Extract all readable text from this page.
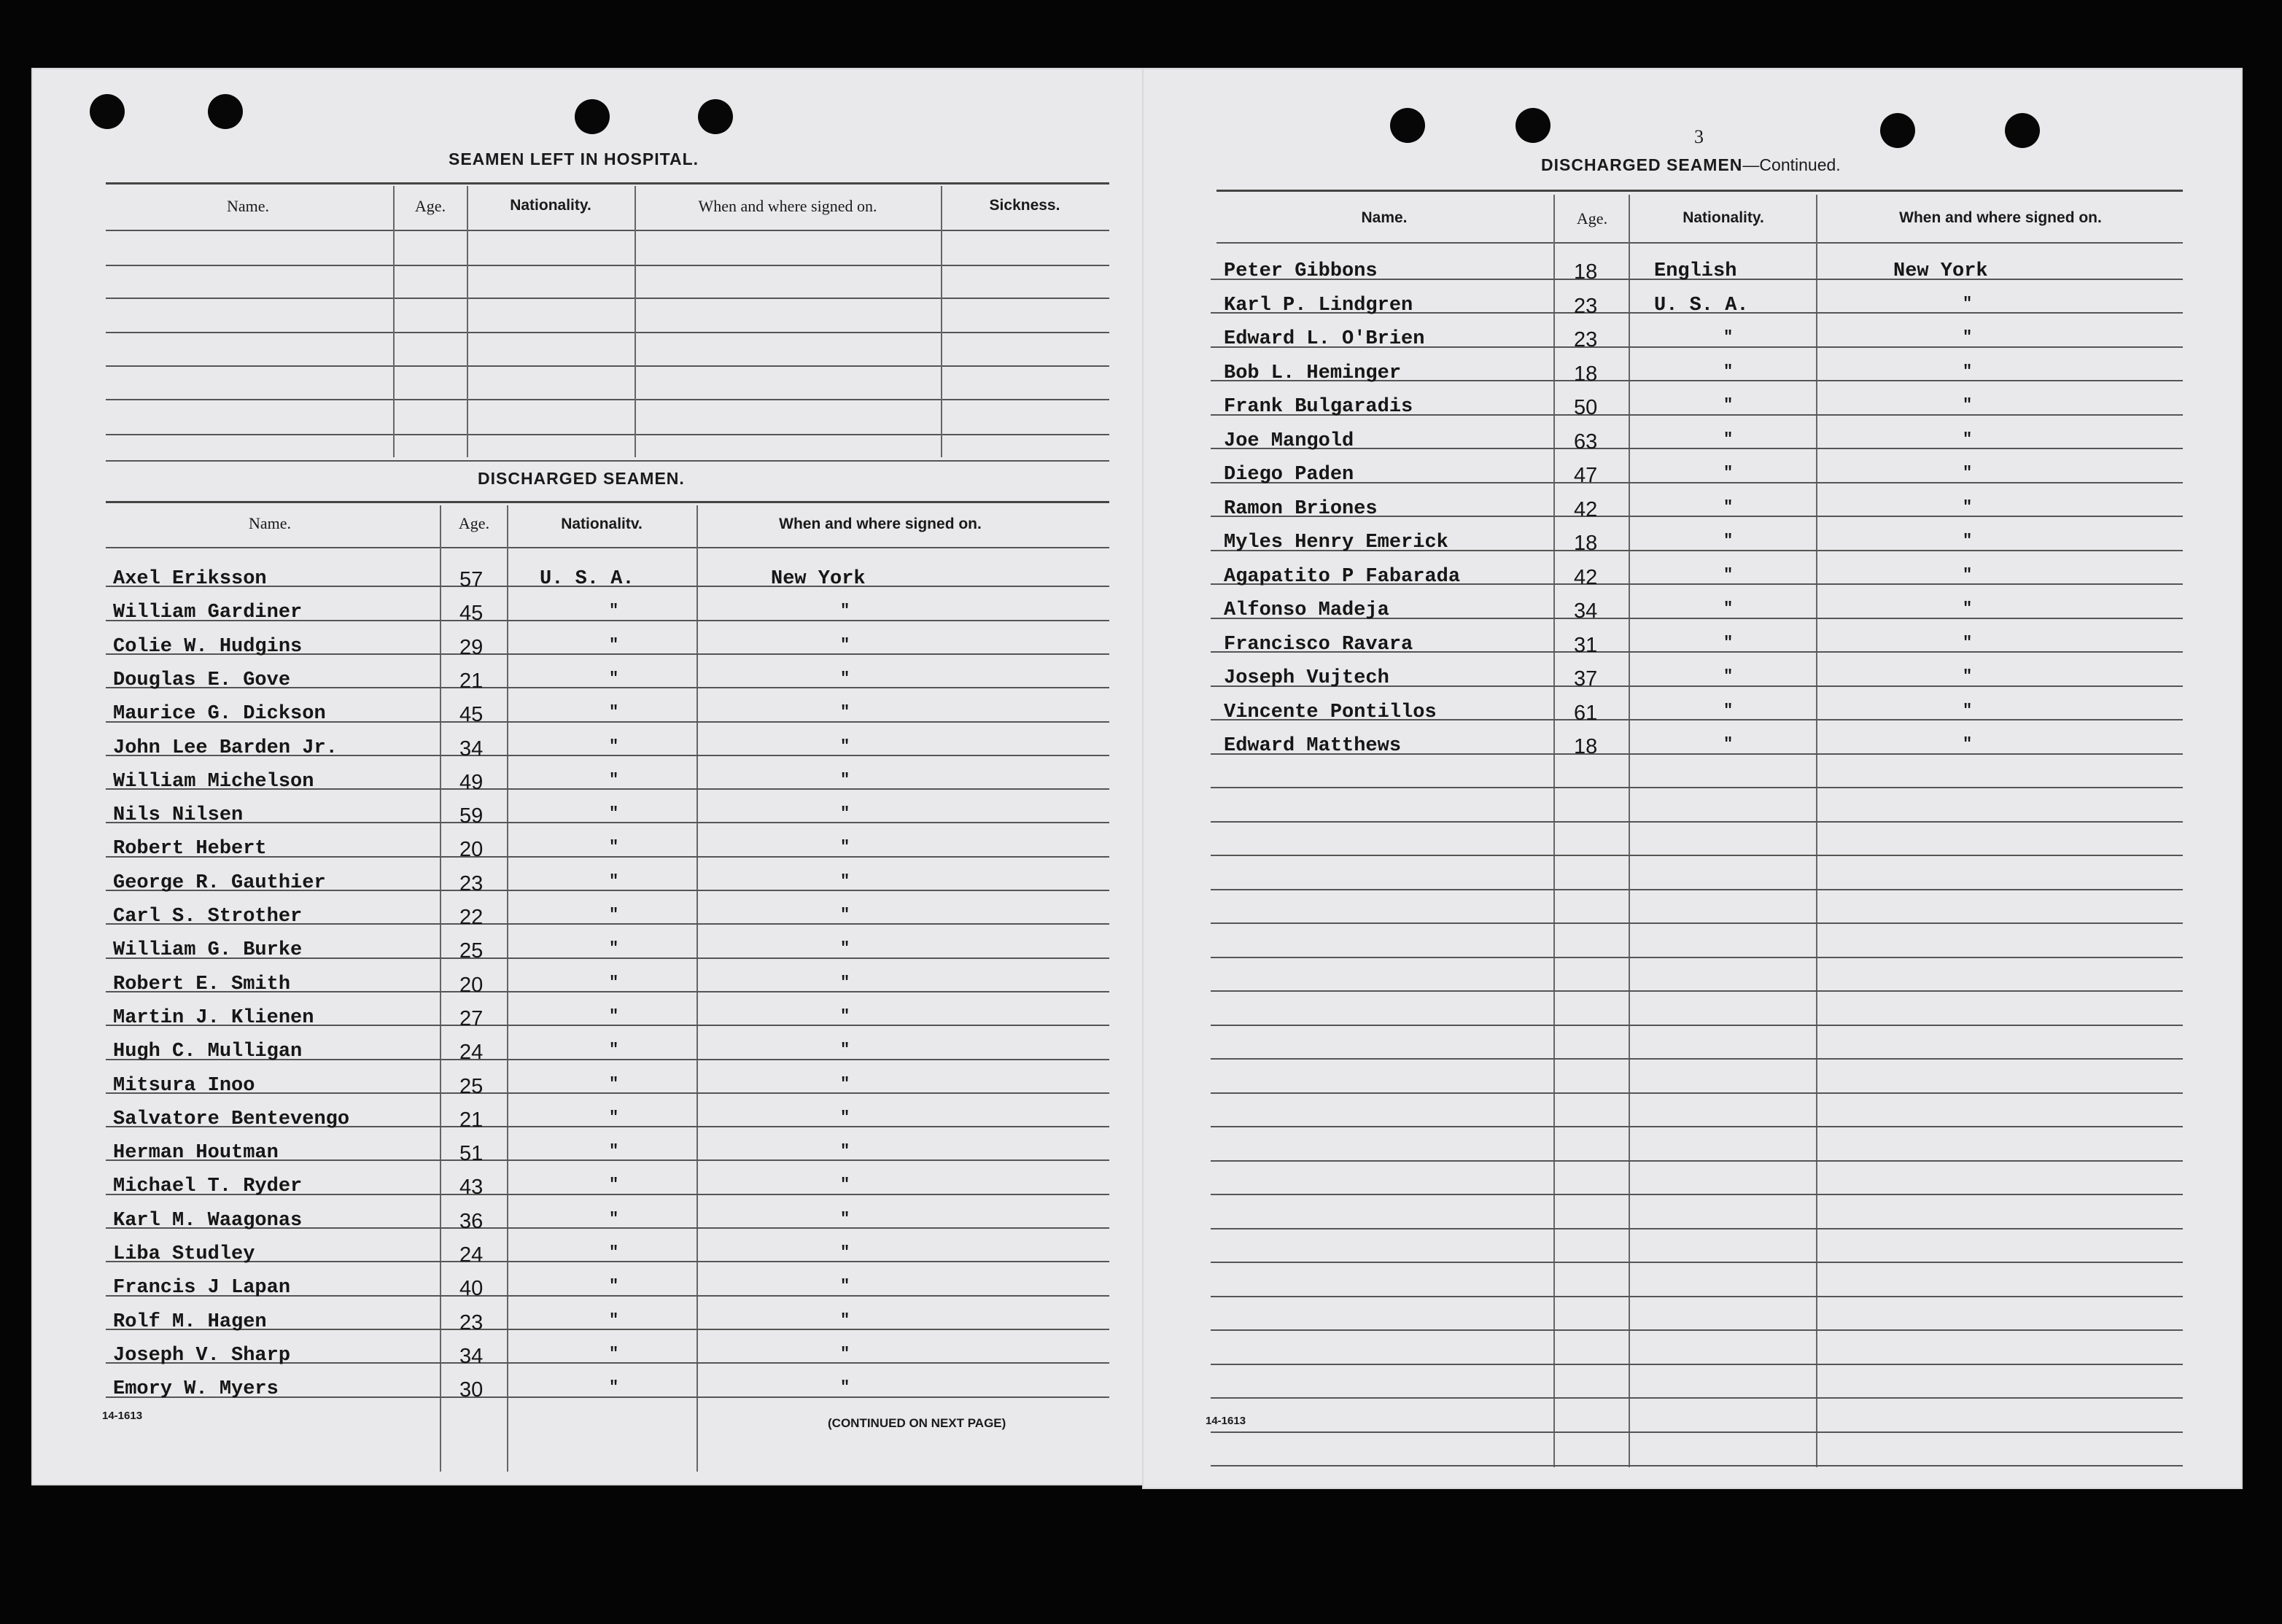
SEAMEN LEFT IN HOSPITAL.
Name.	Age.	Nationality.	When and where signed on.	Sickness.
DISCHARGED SEAMEN.
Name.	Age.	Nationalitv.	When and where signed on.
Axel Eriksson	57	U. S. A.	New York
William Gardiner	45	"	"
Colie W. Hudgins	29	"	"
Douglas E. Gove	21	"	"
Maurice G. Dickson	45	"	"
John Lee Barden Jr.	34	"	"
William Michelson	49	"	"
Nils Nilsen	59	"	"
Robert Hebert	20	"	"
George R. Gauthier	23	"	"
Carl S. Strother	22	"	"
William G. Burke	25	"	"
Robert E. Smith	20	"	"
Martin J. Klienen	27	"	"
Hugh C. Mulligan	24	"	"
Mitsura Inoo	25	"	"
Salvatore Bentevengo	21	"	"
Herman Houtman	51	"	"
Michael T. Ryder	43	"	"
Karl M. Waagonas	36	"	"
Liba Studley	24	"	"
Francis J Lapan	40	"	"
Rolf M. Hagen	23	"	"
Joseph V. Sharp	34	"	"
Emory W. Myers	30	"	"
14-1613
(CONTINUED ON NEXT PAGE)
3
DISCHARGED SEAMEN—Continued.
Name.	Age.	Nationality.	When and where signed on.
Peter Gibbons	18	English	New York
Karl P. Lindgren	23	U. S. A.	"
Edward L. O'Brien	23	"	"
Bob L. Heminger	18	"	"
Frank Bulgaradis	50	"	"
Joe Mangold	63	"	"
Diego Paden	47	"	"
Ramon Briones	42	"	"
Myles Henry Emerick	18	"	"
Agapatito P Fabarada	42	"	"
Alfonso Madeja	34	"	"
Francisco Ravara	31	"	"
Joseph Vujtech	37	"	"
Vincente Pontillos	61	"	"
Edward Matthews	18	"	"
14-1613
